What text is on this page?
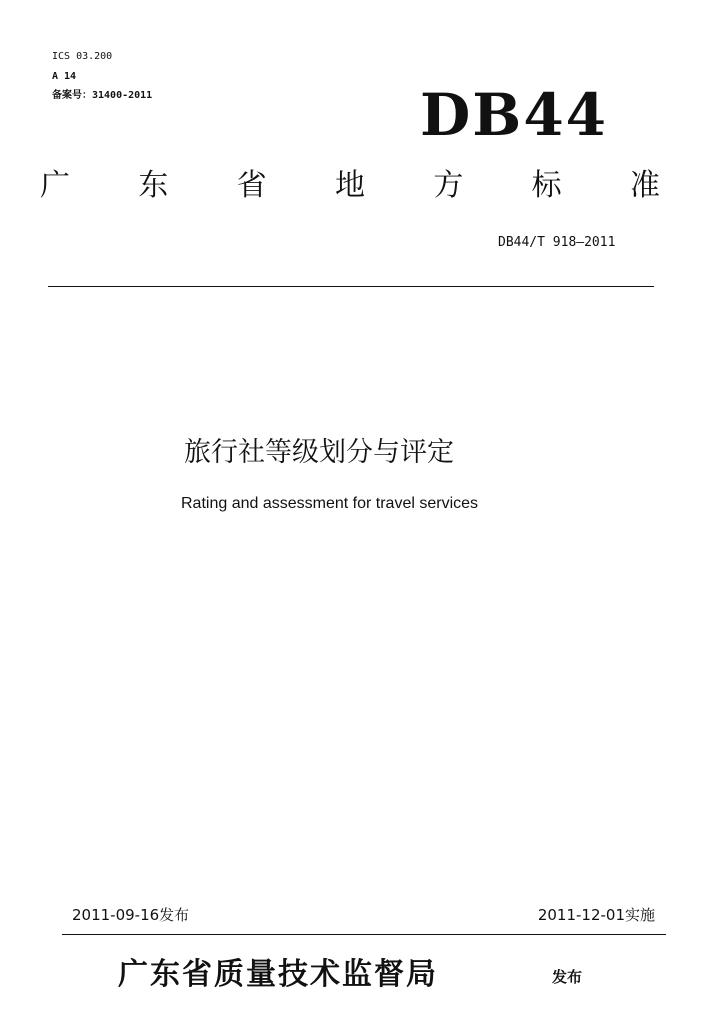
ICS 03.200
A 14
备案号：31400-2011	DB44
广 东 省 地 方 标 准
DB44/T 918—2011
旅行社等级划分与评定
Rating and assessment for travel services
2011-09-16发布	2011-12-01实施
广东省质量技术监督局	发布
